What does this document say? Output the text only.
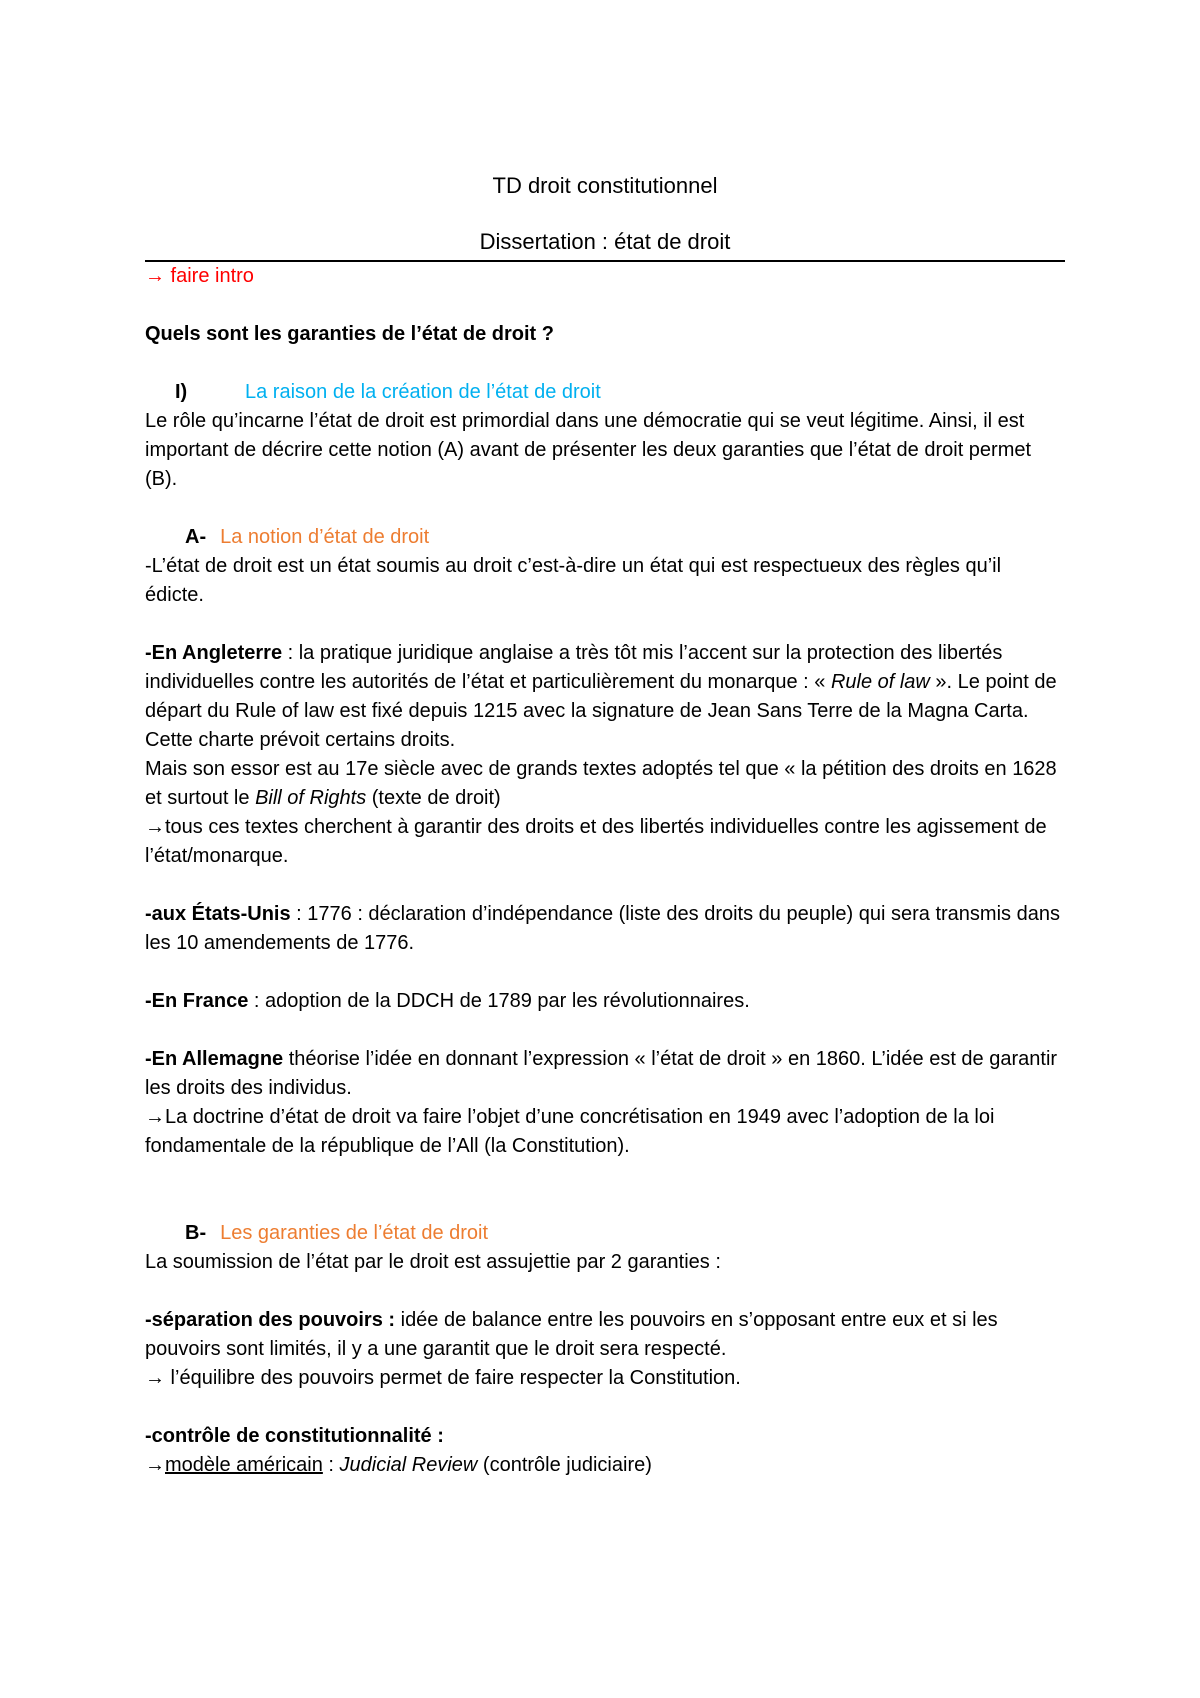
TD droit constitutionnel

Dissertation : état de droit

→ faire intro

Quels sont les garanties de l’état de droit ?

I)	La raison de la création de l’état de droit

Le rôle qu’incarne l’état de droit est primordial dans une démocratie qui se veut légitime. Ainsi, il est important de décrire cette notion (A) avant de présenter les deux garanties que l’état de droit permet (B).

A- La notion d’état de droit

-L’état de droit est un état soumis au droit c’est-à-dire un état qui est respectueux des règles qu’il édicte.

-En Angleterre : la pratique juridique anglaise a très tôt mis l’accent sur la protection des libertés individuelles contre les autorités de l’état et particulièrement du monarque : « Rule of law ». Le point de départ du Rule of law est fixé depuis 1215 avec la signature de Jean Sans Terre de la Magna Carta. Cette charte prévoit certains droits.

Mais son essor est au 17e siècle avec de grands textes adoptés tel que « la pétition des droits en 1628 et surtout le Bill of Rights (texte de droit)

→tous ces textes cherchent à garantir des droits et des libertés individuelles contre les agissement de l’état/monarque.

-aux États-Unis : 1776 : déclaration d’indépendance (liste des droits du peuple) qui sera transmis dans les 10 amendements de 1776.

-En France : adoption de la DDCH de 1789 par les révolutionnaires.

-En Allemagne théorise l’idée en donnant l’expression « l’état de droit » en 1860. L’idée est de garantir les droits des individus.

→La doctrine d’état de droit va faire l’objet d’une concrétisation en 1949 avec l’adoption de la loi fondamentale de la république de l’All (la Constitution).

B- Les garanties de l’état de droit

La soumission de l’état par le droit est assujettie par 2 garanties :

-séparation des pouvoirs : idée de balance entre les pouvoirs en s’opposant entre eux et si les pouvoirs sont limités, il y a une garantit que le droit sera respecté.

→ l’équilibre des pouvoirs permet de faire respecter la Constitution.

-contrôle de constitutionnalité :

→modèle américain : Judicial Review (contrôle judiciaire)
